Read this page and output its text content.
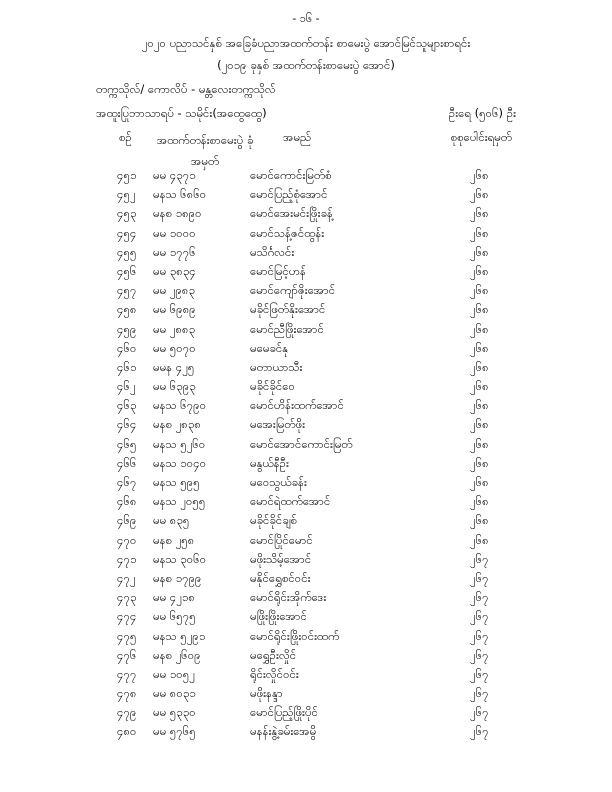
- ၁၆ -
၂၀၂၀ ပညာသင်နှစ် အခြေခံပညာအထက်တန်း စာမေးပွဲ အောင်မြင်သူများစာရင်း
(၂၀၁၉ ခုနှစ် အထက်တန်းစာမေးပွဲ အောင်)
တက္ကသိုလ်/ ကောလိပ် - မန္တလေးတက္ကသိုလ်
အထူးပြုဘာသာရပ် - သမိုင်း(အထွေထွေ)	ဦးရေ (၅၀၆) ဦး
စဉ်	အထက်တန်းစာမေးပွဲ ခုံအမှတ်
အမည်	စုစုပေါင်းရမှတ်
၄၅၁ မမ ၄၃၇၁	မောင်ကောင်းမြတ်စံ	၂၆၈
၄၅၂ မနသ ၆၈၆၀	မောင်ပြည့်စုံအောင်	၂၆၈
၄၅၃ မနစ ၁၈၉၀	မောင်အေးမင်းဖြိုးခန့်	၂၆၈
၄၅၄ မမ ၁၀၀၀	မောင်သန့်ဇင်ထွန်း	၂၆၈
၄၅၅ မမ ၁၇၇၆	မသိင်္ဂလင်း	၂၆၈
၄၅၆ မမ ၃၈၃၄	မောင်မြင့်ဟန်	၂၆၈
၄၅၇ မမ ၂၉၈၃	မောင်ကျော်ဇိုးအောင်	၂၆၈
၄၅၈ မမ ၆၉၈၉	မခိုင်ဖြတ်နိုးအောင်	၂၆၈
၄၅၉ မမ ၂၈၈၃	မောင်ညီဖြိုးအောင်	၂၆၈
၄၆၀ မမ ၅၀၇၀	မမေခင်နု	၂၆၈
၄၆၁ မမန ၄၂၅	မတာယာသီး	၂၆၈
၄၆၂ မမ ၆၃၉၃	မခိုင်ခိုင်ဝေ	၂၆၈
၄၆၃ မနသ ၆၇၉၀	မောင်ဟိန်းထက်အောင်	၂၆၈
၄၆၄ မနစ ၂၈၃၈	မအေးမြတ်ဖိုး	၂၆၈
၄၆၅ မနသ ၅၂၆၀	မောင်အောင်ကောင်းမြတ်	၂၆၈
၄၆၆ မနသ ၁၀၄၀	မနွယ်နီဦး	၂၆၈
၄၆၇ မနသ ၅၉၅	မဝေသွယ်ခန်း	၂၆၈
၄၆၈ မနသ ၂၀၅၅	မောင်ရဲထက်အောင်	၂၆၈
၄၆၉ မမ ၈၃၅	မခိုင်ခိုင်ချစ်	၂၆၈
၄၇၀ မနစ ၂၅၈	မောင်ပြိုင်မောင်	၂၆၈
၄၇၁ မနသ ၃၀၆၀	မဖိုးသိမ့်အောင်	၂၆၇
၄၇၂ မနစ ၁၇၉၉	မနိုင်ရွှေစင်ဝင်း	၂၆၇
၄၇၃ မမ ၄၂၁၈	မောင်ရိုင်းအိုက်ဒေး	၂၆၇
၄၇၄ မမ ၆၅၇၅	မဖြိုးဖြိုးအောင်	၂၆၇
၄၇၅ မနသ ၅၂၉၁	မောင်ရိုင်းဖြိုးဝင်းထက်	၂၆၇
၄၇၆ မနစ ၂၆၀၉	မရွှေဦးလှိုင်	၂၆၇
၄၇၇ မမ ၁၀၅၂	ရိုင်းလှိုင်ဝင်း	၂၆၇
၄၇၈ မမ ၈၀၃၁	မဖိုးနန္ဒာ	၂၆၇
၄၇၉ မမ ၅၃၃၀	မောင်ပြည့်ဖြိုးပိုင်	၂၆၇
၄၈၀ မမ ၅၇၆၅	မနန်းနွဲ့ခမ်းအေမွိ	၂၆၇
